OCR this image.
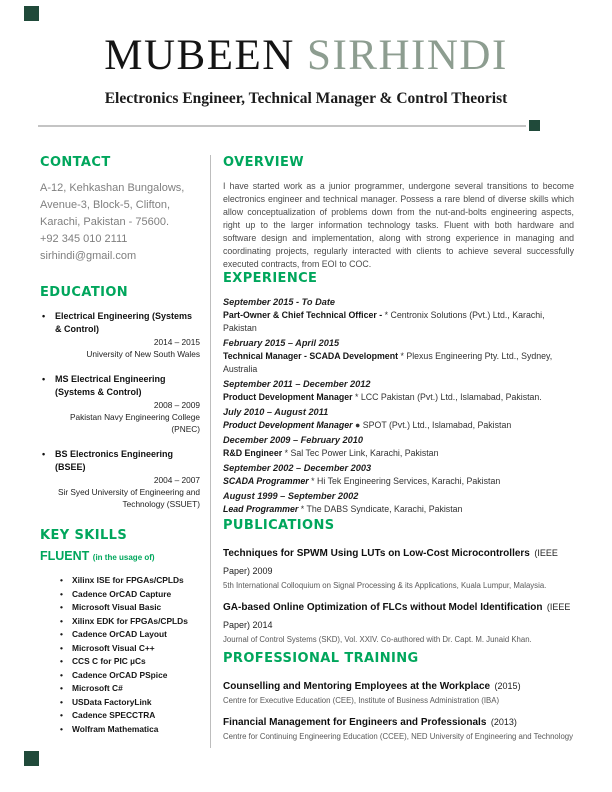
MUBEEN SIRHINDI
Electronics Engineer, Technical Manager & Control Theorist
CONTACT
A-12, Kehkashan Bungalows,
Avenue-3, Block-5, Clifton,
Karachi, Pakistan - 75600.
+92 345 010 2111
sirhindi@gmail.com
EDUCATION
•	Electrical Engineering (Systems & Control)
2014 – 2015
University of New South Wales
•	MS Electrical Engineering (Systems & Control)
2008 – 2009
Pakistan Navy Engineering College (PNEC)
•	BS Electronics Engineering (BSEE)
2004 – 2007
Sir Syed University of Engineering and Technology (SSUET)
KEY SKILLS
FLUENT (in the usage of)
•	Xilinx ISE for FPGAs/CPLDs
•	Cadence OrCAD Capture
•	Microsoft Visual Basic
•	Xilinx EDK for FPGAs/CPLDs
•	Cadence OrCAD Layout
•	Microsoft Visual C++
•	CCS C for PIC µCs
•	Cadence OrCAD PSpice
•	Microsoft C#
•	USData FactoryLink
•	Cadence SPECCTRA
•	Wolfram Mathematica
OVERVIEW

I have started work as a junior programmer, undergone several transitions to become electronics engineer and technical manager. Possess a rare blend of diverse skills which allow conceptualization of problems down from the nut-and-bolts engineering aspects, right up to the larger information technology tasks. Fluent with both hardware and software design and implementation, along with strong experience in managing and coordinating projects, regularly interacted with clients to achieve several successfully executed contracts, from EOI to COC.

EXPERIENCE
September 2015 - To Date
Part-Owner & Chief Technical Officer - * Centronix Solutions (Pvt.) Ltd., Karachi, Pakistan
February 2015 – April 2015
Technical Manager - SCADA Development * Plexus Engineering Pty. Ltd., Sydney, Australia
September 2011 – December 2012
Product Development Manager * LCC Pakistan (Pvt.) Ltd., Islamabad, Pakistan.
July 2010 – August 2011
Product Development Manager ● SPOT (Pvt.) Ltd., Islamabad, Pakistan
December 2009 – February 2010
R&D Engineer * Sal Tec Power Link, Karachi, Pakistan
September 2002 – December 2003
SCADA Programmer * Hi Tek Engineering Services, Karachi, Pakistan
August 1999 – September 2002
Lead Programmer * The DABS Syndicate, Karachi, Pakistan
PUBLICATIONS
Techniques for SPWM Using LUTs on Low-Cost Microcontrollers (IEEE Paper) 2009
5th International Colloquium on Signal Processing & its Applications, Kuala Lumpur, Malaysia.
GA-based Online Optimization of FLCs without Model Identification (IEEE Paper) 2014
Journal of Control Systems (SKD), Vol. XXIV. Co-authored with Dr. Capt. M. Junaid Khan.
PROFESSIONAL TRAINING
Counselling and Mentoring Employees at the Workplace (2015)
Centre for Executive Education (CEE), Institute of Business Administration (IBA)
Financial Management for Engineers and Professionals (2013)
Centre for Continuing Engineering Education (CCEE), NED University of Engineering and Technology
